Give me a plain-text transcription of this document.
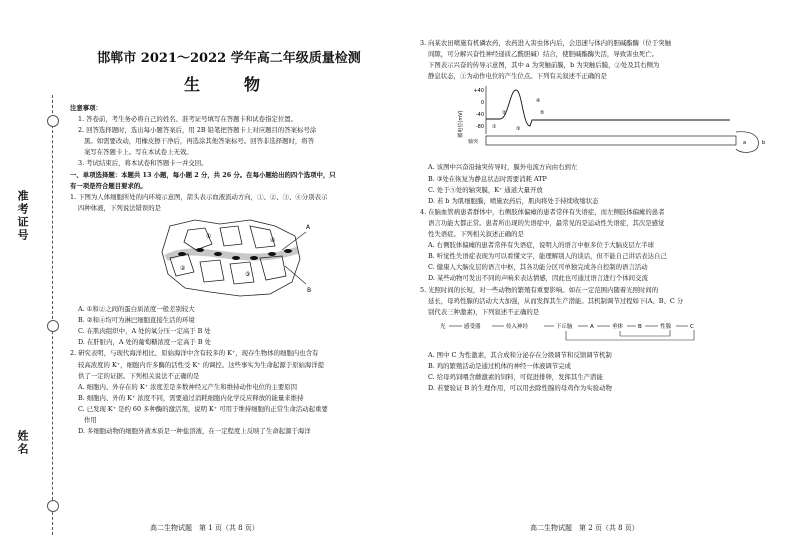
准考证号
姓名
邯郸市 2021～2022 学年高二年级质量检测
生　物

注意事项：

1. 答卷前，考生务必将自己的姓名、准考证号填写在答题卡和试卷指定位置。

2. 回答选择题时，选出每小题答案后，用 2B 铅笔把答题卡上对应题目的答案标号涂

黑。如需要改动，用橡皮擦干净后，再选涂其他答案标号。回答非选择题时，将答

案写在答题卡上。写在本试卷上无效。

3. 考试结束后，将本试卷和答题卡一并交回。

一、单项选择题：本题共 13 小题，每小题 2 分，共 26 分。在每小题给出的四个选项中，只

有一项是符合题目要求的。

1. 下图为人体细胞所处的内环境示意图，箭头表示血液流动方向，①、②、③、④分别表示

四种体液，下列说法错误的是

A
B
①
②
③
④

A. ①和②之间的蛋白质浓度一般差别较大

B. ②和④均可为淋巴细胞直接生活的环境

C. 在肌肉组织中，A 处的氧分压一定高于 B 处

D. 在肝脏内，A 处的葡萄糖浓度一定高于 B 处

2. 研究表明，与现代海洋相比，原始海洋中含有较多的 K⁺，现存生物体的细胞内也含有

较高浓度的 K⁺，细胞内许多酶的活性受 K⁺ 的调控。这些事实为生命起源于原始海洋提

供了一定的证据。下列相关说法不正确的是

A. 细胞内、外存在的 K⁺ 浓度差是多数神经元产生和维持动作电位的主要原因

B. 细胞内、外的 K⁺ 浓度不同，需要通过消耗细胞内化学反应释放的能量来维持

C. 已发现 K⁺ 是约 60 多种酶的激活剂，说明 K⁺ 可用于维持细胞的正常生命活动起重要

作用

D. 多细胞动物的细胞外液本质是一种盐溶液，在一定程度上反映了生命起源于海洋

高二生物试题　第 1 页（共 8 页）

3. 向某农田喷施有机磷农药，农药进入害虫体内后，会迅速与体内的胆碱酯酶（位于突触

间隙，可分解兴奋性神经递质乙酰胆碱）结合，使胆碱酯酶失活，导致害虫死亡。

下图表示兴奋的传导示意图，其中 a 为突触前膜，b 为突触后膜，②处及其右侧为

静息状态，①为动作电位的产生位点。下列有关叙述不正确的是

膜电位(mV)
+40
0
-40
-80
④
⑤
②
①	③
轴突	a	b

A. 该图中兴奋沿轴突传导时，膜外电流方向由右到左

B. ③处在恢复为静息状态时需要消耗 ATP

C. 处于⑤处的轴突膜，K⁺ 通道大量开放

D. 若 b 为肌细胞膜，喷施农药后，肌肉将处于持续收缩状态

4. 在脑血管病患者群体中，右侧肢体偏瘫的患者常伴有失语症，而左侧肢体偏瘫的患者

语言功能大都正常。患者所出现的失语症中，最常见的是运动性失语症，其次是感觉

性失语症。下列相关叙述正确的是

A. 右侧肢体偏瘫的患者常伴有失语症，说明人的语言中枢多位于大脑皮层左半球

B. 听觉性失语症表现为可以看懂文字，能理解别人的谈话，但不能自己讲话表达自己

C. 健康人大脑皮层的语言中枢，其各功能分区可单独完成各自控制的语言活动

D. 某些动物可发出不同的声响来表达情感，因此也可通过语言进行个体间交流

5. 光照时间的长短，对一些动物的繁殖有重要影响。如在一定范围内随着光照时间的

延长，母鸡性腺的活动大大加强，从而发挥其生产潜能。其机制调节过程如下(A、B、C 分

别代表三种激素)，下列叙述不正确的是

光	感受器	传入神经	下丘脑	A	垂体	B	性腺	C

A. 图中 C 为性激素，其合成和分泌存在分级调节和反馈调节机制

B. 鸡的繁殖活动是通过机体的神经一体液调节完成

C. 给母鸡饲喂含雌激素的饲料，可促进排卵，发挥其生产潜能

D. 若要验证 B 的生理作用，可以用去除性腺的母鸡作为实验动物

高二生物试题　第 2 页（共 8 页）
